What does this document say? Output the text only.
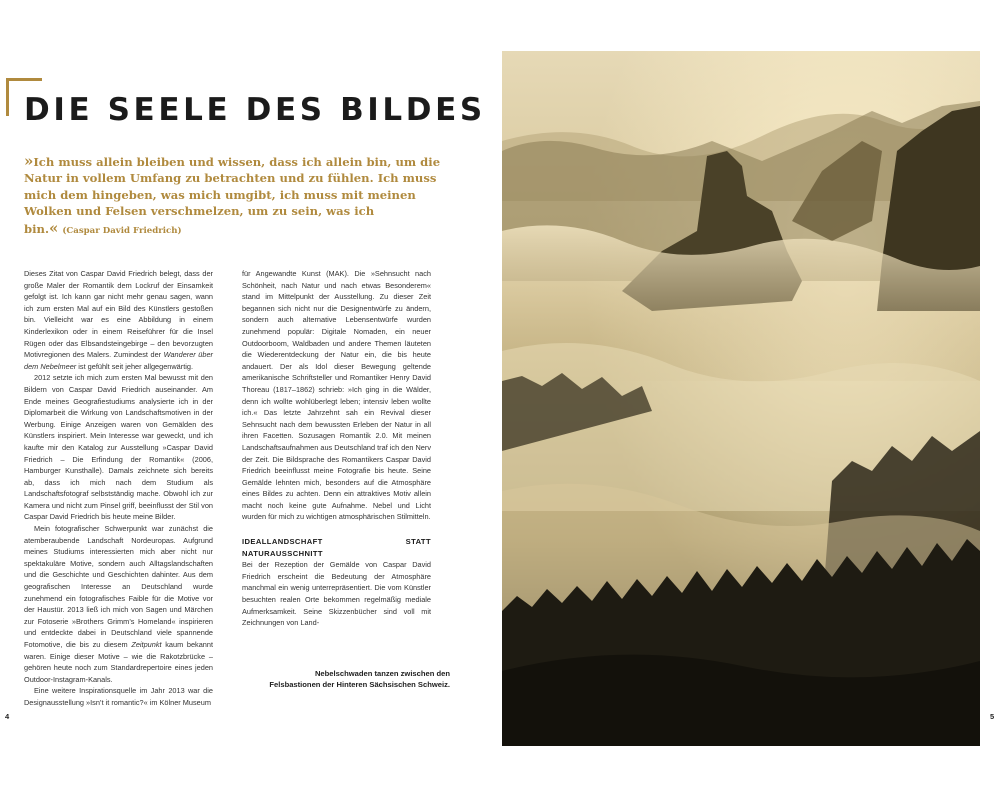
DIE SEELE DES BILDES
»Ich muss allein bleiben und wissen, dass ich allein bin, um die Natur in vollem Umfang zu betrachten und zu fühlen. Ich muss mich dem hingeben, was mich umgibt, ich muss mit meinen Wolken und Felsen verschmelzen, um zu sein, was ich bin.« (Caspar David Friedrich)

Dieses Zitat von Caspar David Friedrich belegt, dass der große Maler der Romantik dem Lockruf der Einsamkeit gefolgt ist. Ich kann gar nicht mehr genau sagen, wann ich zum ersten Mal auf ein Bild des Künstlers gestoßen bin. Vielleicht war es eine Abbildung in einem Kinderlexikon oder in einem Reiseführer für die Insel Rügen oder das Elbsandsteingebirge – den bevorzugten Motivregionen des Malers. Zumindest der Wanderer über dem Nebelmeer ist gefühlt seit jeher allgegenwärtig.

2012 setzte ich mich zum ersten Mal bewusst mit den Bildern von Caspar David Friedrich auseinander. Am Ende meines Geografiestudiums analysierte ich in der Diplomarbeit die Wirkung von Landschaftsmotiven in der Werbung. Einige Anzeigen waren von Gemälden des Künstlers inspiriert. Mein Interesse war geweckt, und ich kaufte mir den Katalog zur Ausstellung »Caspar David Friedrich – Die Erfindung der Romantik« (2006, Hamburger Kunsthalle). Damals zeichnete sich bereits ab, dass ich mich nach dem Studium als Landschaftsfotograf selbstständig mache. Obwohl ich zur Kamera und nicht zum Pinsel griff, beeinflusst der Stil von Caspar David Friedrich bis heute meine Bilder.

Mein fotografischer Schwerpunkt war zunächst die atemberaubende Landschaft Nordeuropas. Aufgrund meines Studiums interessierten mich aber nicht nur spektakuläre Motive, sondern auch Alltagslandschaften und die Geschichte und Geschichten dahinter. Aus dem geografischen Interesse an Deutschland wurde zunehmend ein fotografisches Faible für die Motive vor der Haustür. 2013 ließ ich mich von Sagen und Märchen zur Fotoserie »Brothers Grimm’s Homeland« inspirieren und entdeckte dabei in Deutschland viele spannende Fotomotive, die bis zu diesem Zeitpunkt kaum bekannt waren. Einige dieser Motive – wie die Rakotzbrücke – gehören heute noch zum Standardrepertoire eines jeden Outdoor-Instagram-Kanals.

Eine weitere Inspirationsquelle im Jahr 2013 war die Designausstellung »Isn’t it romantic?« im Kölner Museum

für Angewandte Kunst (MAK). Die »Sehnsucht nach Schönheit, nach Natur und nach etwas Besonderem« stand im Mittelpunkt der Ausstellung. Zu dieser Zeit begannen sich nicht nur die Designentwürfe zu ändern, sondern auch alternative Lebensentwürfe wurden zunehmend populär: Digitale Nomaden, ein neuer Outdoorboom, Waldbaden und andere Themen läuteten die Wiederentdeckung der Natur ein, die bis heute andauert. Der als Idol dieser Bewegung geltende amerikanische Schriftsteller und Romantiker Henry David Thoreau (1817–1862) schrieb: »Ich ging in die Wälder, denn ich wollte wohlüberlegt leben; intensiv leben wollte ich.« Das letzte Jahrzehnt sah ein Revival dieser Sehnsucht nach dem bewussten Erleben der Natur in all ihren Facetten. Sozusagen Romantik 2.0. Mit meinen Landschaftsaufnahmen aus Deutschland traf ich den Nerv der Zeit. Die Bildsprache des Romantikers Caspar David Friedrich beeinflusst meine Fotografie bis heute. Seine Gemälde lehnten mich, besonders auf die Atmosphäre eines Bildes zu achten. Denn ein attraktives Motiv allein macht noch keine gute Aufnahme. Nebel und Licht wurden für mich zu wichtigen atmosphärischen Stilmitteln.

IDEALLANDSCHAFT STATT NATURAUSSCHNITT

Bei der Rezeption der Gemälde von Caspar David Friedrich erscheint die Bedeutung der Atmosphäre manchmal ein wenig unterrepräsentiert. Die vom Künstler besuchten realen Orte bekommen regelmäßig mediale Aufmerksamkeit. Seine Skizzenbücher sind voll mit Zeichnungen von Land-

Nebelschwaden tanzen zwischen den Felsbastionen der Hinteren Sächsischen Schweiz.
4	5
